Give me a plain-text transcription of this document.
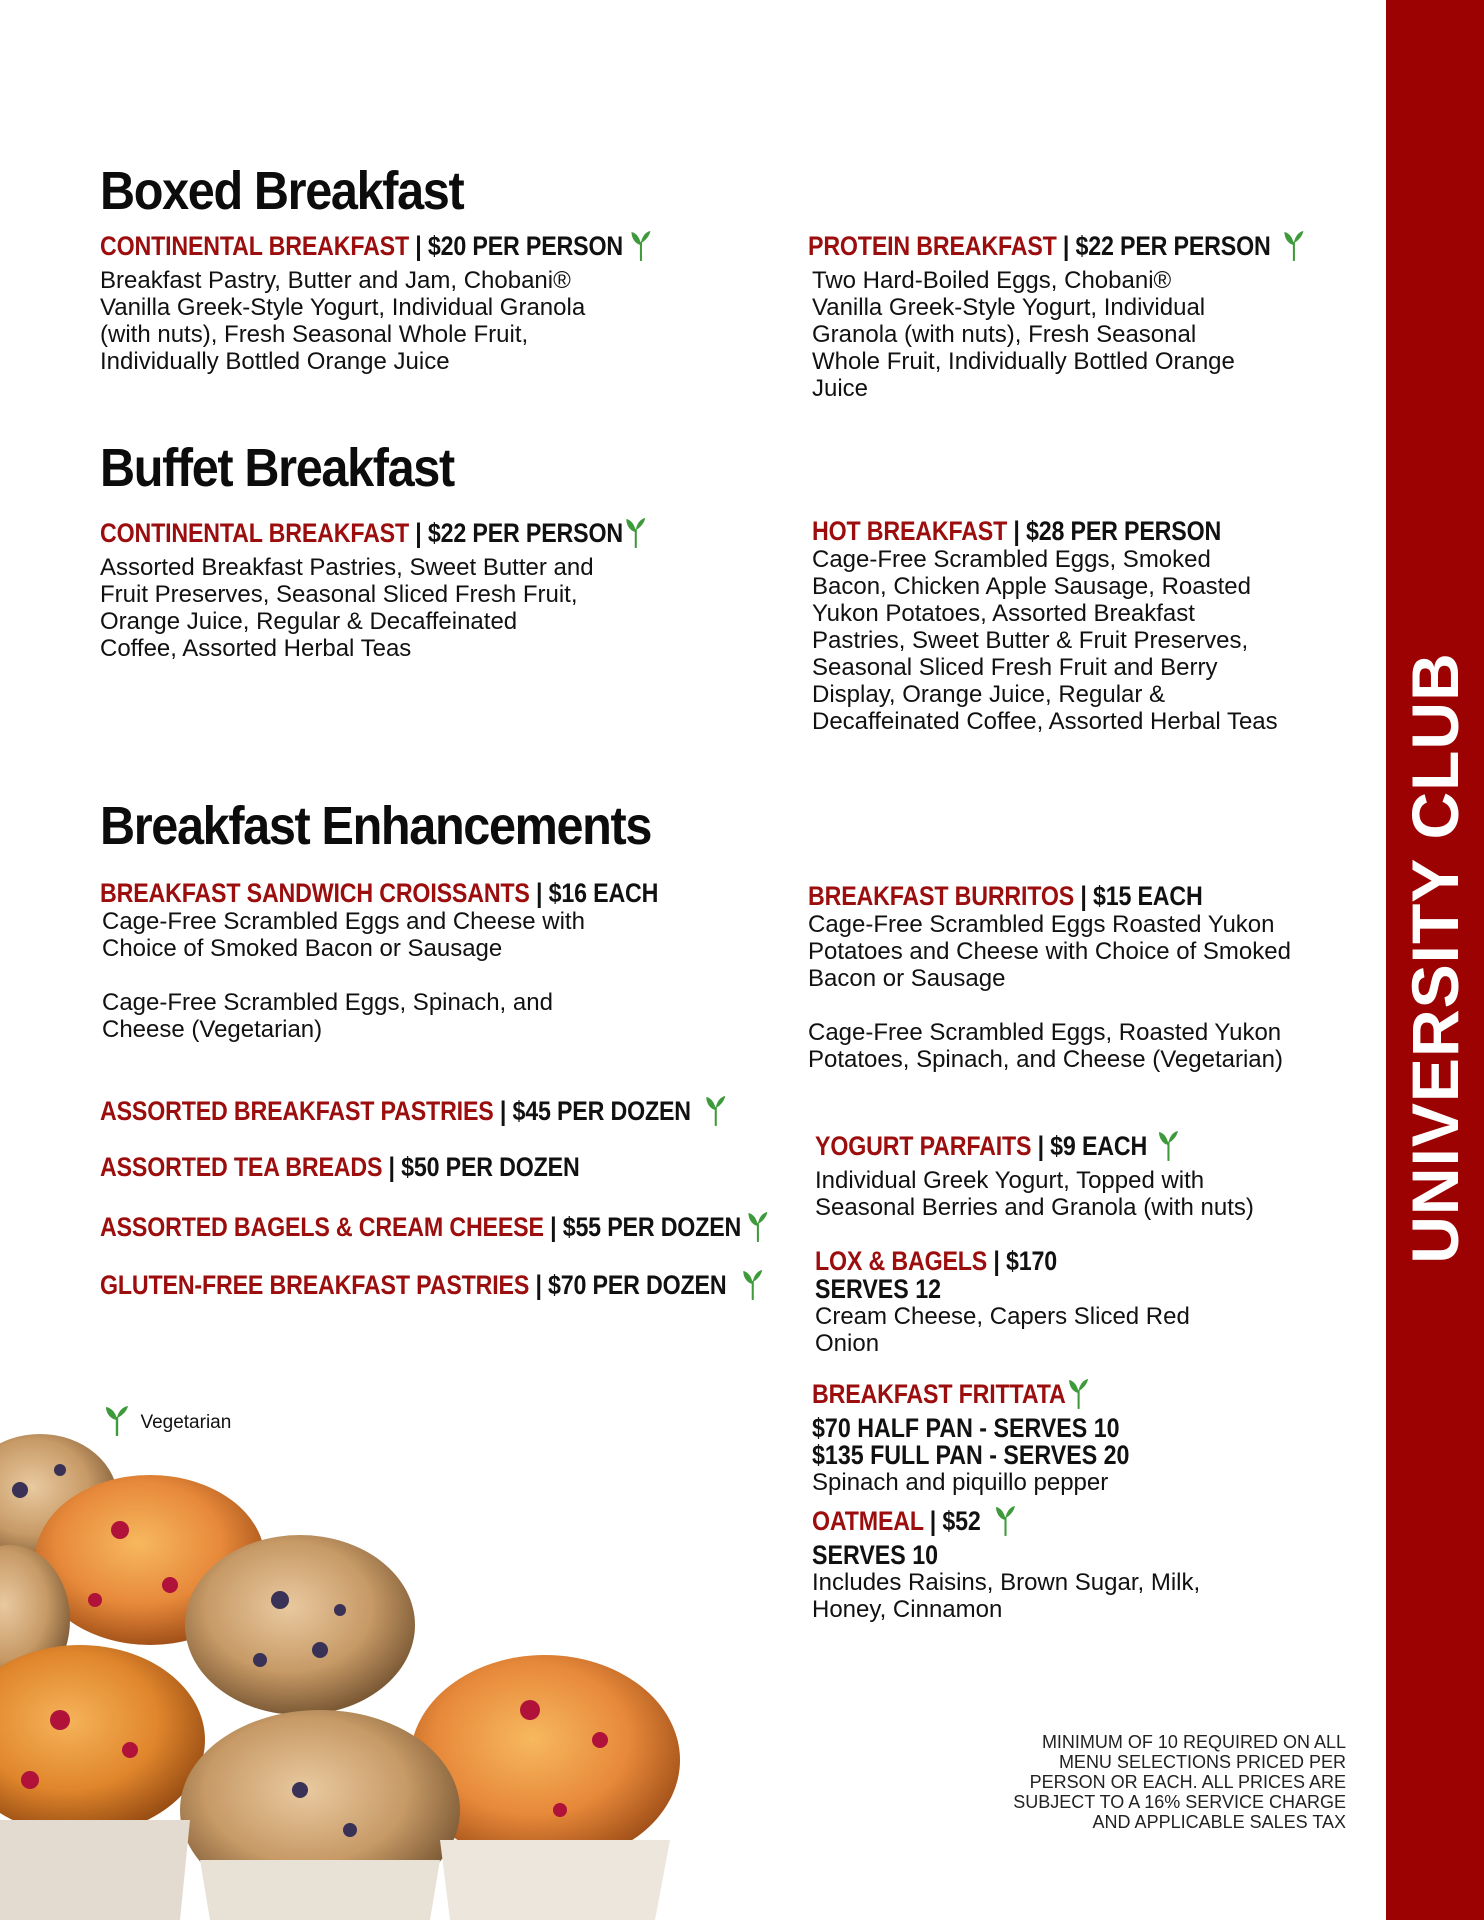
UNIVERSITY CLUB
Boxed Breakfast
Buffet Breakfast
Breakfast Enhancements
CONTINENTAL BREAKFAST | $20 PER PERSON
Breakfast Pastry, Butter and Jam, Chobani®
Vanilla Greek-Style Yogurt, Individual Granola
(with nuts), Fresh Seasonal Whole Fruit,
Individually Bottled Orange Juice
PROTEIN BREAKFAST | $22 PER PERSON
Two Hard-Boiled Eggs, Chobani®
Vanilla Greek-Style Yogurt, Individual
Granola (with nuts), Fresh Seasonal
Whole Fruit, Individually Bottled Orange
Juice
CONTINENTAL BREAKFAST | $22 PER PERSON
Assorted Breakfast Pastries, Sweet Butter and
Fruit Preserves, Seasonal Sliced Fresh Fruit,
Orange Juice, Regular & Decaffeinated
Coffee, Assorted Herbal Teas
HOT BREAKFAST | $28 PER PERSON
Cage-Free Scrambled Eggs, Smoked
Bacon, Chicken Apple Sausage, Roasted
Yukon Potatoes, Assorted Breakfast
Pastries, Sweet Butter & Fruit Preserves,
Seasonal Sliced Fresh Fruit and Berry
Display, Orange Juice, Regular &
Decaffeinated Coffee, Assorted Herbal Teas
BREAKFAST SANDWICH CROISSANTS | $16 EACH
Cage-Free Scrambled Eggs and Cheese with
Choice of Smoked Bacon or Sausage
Cage-Free Scrambled Eggs, Spinach, and
Cheese (Vegetarian)
BREAKFAST BURRITOS | $15 EACH
Cage-Free Scrambled Eggs Roasted Yukon
Potatoes and Cheese with Choice of Smoked
Bacon or Sausage
Cage-Free Scrambled Eggs, Roasted Yukon
Potatoes, Spinach, and Cheese (Vegetarian)
ASSORTED BREAKFAST PASTRIES | $45 PER DOZEN
ASSORTED TEA BREADS | $50 PER DOZEN
ASSORTED BAGELS & CREAM CHEESE | $55 PER DOZEN
GLUTEN-FREE BREAKFAST PASTRIES | $70 PER DOZEN
YOGURT PARFAITS | $9 EACH
Individual Greek Yogurt, Topped with
Seasonal Berries and Granola (with nuts)
LOX & BAGELS | $170
SERVES 12
Cream Cheese, Capers Sliced Red
Onion
BREAKFAST FRITTATA
$70 HALF PAN - SERVES 10
$135 FULL PAN - SERVES 20
Spinach and piquillo pepper
OATMEAL | $52
SERVES 10
Includes Raisins, Brown Sugar, Milk,
Honey, Cinnamon
Vegetarian
MINIMUM OF 10 REQUIRED ON ALL
MENU SELECTIONS PRICED PER
PERSON OR EACH. ALL PRICES ARE
SUBJECT TO A 16% SERVICE CHARGE
AND APPLICABLE SALES TAX
